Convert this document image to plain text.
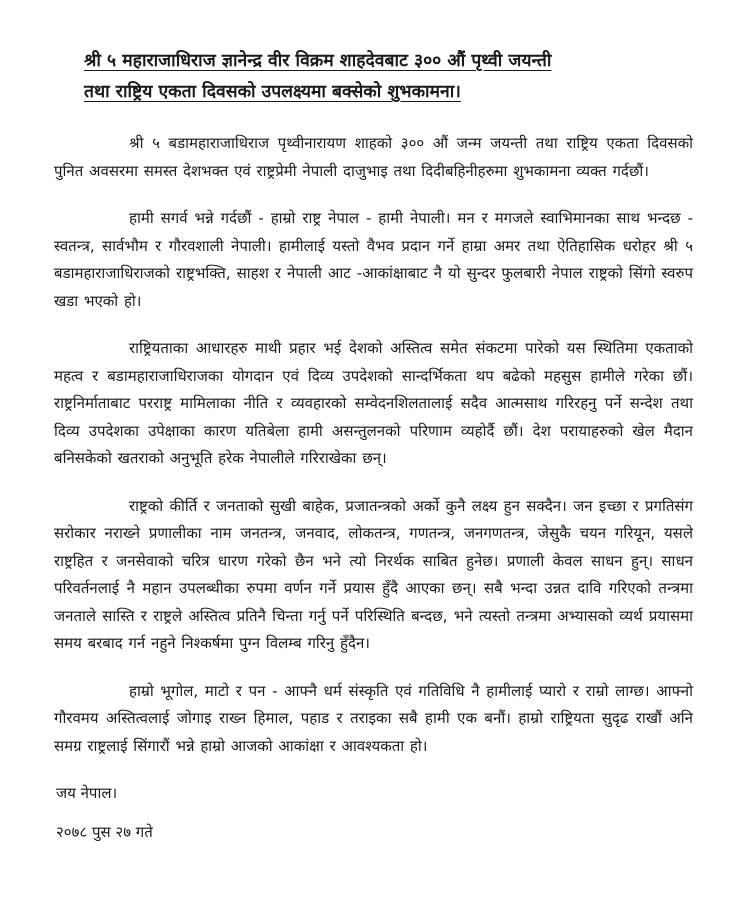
श्री ५ महाराजाधिराज ज्ञानेन्द्र वीर विक्रम शाहदेवबाट ३०० औं पृथ्वी जयन्ती
तथा राष्ट्रिय एकता दिवसको उपलक्ष्यमा बक्सेको शुभकामना।

श्री ५ बडामहाराजाधिराज पृथ्वीनारायण शाहको ३०० औं जन्म जयन्ती तथा राष्ट्रिय एकता दिवसको पुनित अवसरमा समस्त देशभक्त एवं राष्ट्रप्रेमी नेपाली दाजुभाइ तथा दिदीबहिनीहरुमा शुभकामना व्यक्त गर्दछौं।

हामी सगर्व भन्ने गर्दछौं - हाम्रो राष्ट्र नेपाल - हामी नेपाली। मन र मगजले स्वाभिमानका साथ भन्दछ - स्वतन्त्र, सार्वभौम र गौरवशाली नेपाली। हामीलाई यस्तो वैभव प्रदान गर्ने हाम्रा अमर तथा ऐतिहासिक धरोहर श्री ५ बडामहाराजाधिराजको राष्ट्रभक्ति, साहश र नेपाली आट -आकांक्षाबाट नै यो सुन्दर फुलबारी नेपाल राष्ट्रको सिंगो स्वरुप खडा भएको हो।

राष्ट्रियताका आधारहरु माथी प्रहार भई देशको अस्तित्व समेत संकटमा पारेको यस स्थितिमा एकताको महत्व र बडामहाराजाधिराजका योगदान एवं दिव्य उपदेशको सान्दर्भिकता थप बढेको महसुस हामीले गरेका छौं। राष्ट्रनिर्माताबाट परराष्ट्र मामिलाका नीति र व्यवहारको सम्वेदनशिलतालाई सदैव आत्मसाथ गरिरहनु पर्ने सन्देश तथा दिव्य उपदेशका उपेक्षाका कारण यतिबेला हामी असन्तुलनको परिणाम व्यहोर्दै छौं। देश परायाहरुको खेल मैदान बनिसकेको खतराको अनुभूति हरेक नेपालीले गरिराखेका छन्।

राष्ट्रको कीर्ति र जनताको सुखी बाहेक, प्रजातन्त्रको अर्को कुनै लक्ष्य हुन सक्दैन। जन इच्छा र प्रगतिसंग सरोकार नराख्ने प्रणालीका नाम जनतन्त्र, जनवाद, लोकतन्त्र, गणतन्त्र, जनगणतन्त्र, जेसुकै चयन गरियून, यसले राष्ट्रहित र जनसेवाको चरित्र धारण गरेको छैन भने त्यो निरर्थक साबित हुनेछ। प्रणाली केवल साधन हुन्। साधन परिवर्तनलाई नै महान उपलब्धीका रुपमा वर्णन गर्ने प्रयास हुँदै आएका छन्। सबै भन्दा उन्नत दावि गरिएको तन्त्रमा जनताले सास्ति र राष्ट्रले अस्तित्व प्रतिनै चिन्ता गर्नु पर्ने परिस्थिति बन्दछ, भने त्यस्तो तन्त्रमा अभ्यासको व्यर्थ प्रयासमा समय बरबाद गर्न नहुने निश्कर्षमा पुग्न विलम्ब गरिनु हुँदैन।

हाम्रो भूगोल, माटो र पन - आफ्नै धर्म संस्कृति एवं गतिविधि नै हामीलाई प्यारो र राम्रो लाग्छ। आफ्नो गौरवमय अस्तित्वलाई जोगाइ राख्न हिमाल, पहाड र तराइका सबै हामी एक बनौं। हाम्रो राष्ट्रियता सुदृढ राखौं अनि समग्र राष्ट्रलाई सिंगारौं भन्ने हाम्रो आजको आकांक्षा र आवश्यकता हो।

जय नेपाल।
२०७८ पुस २७ गते
